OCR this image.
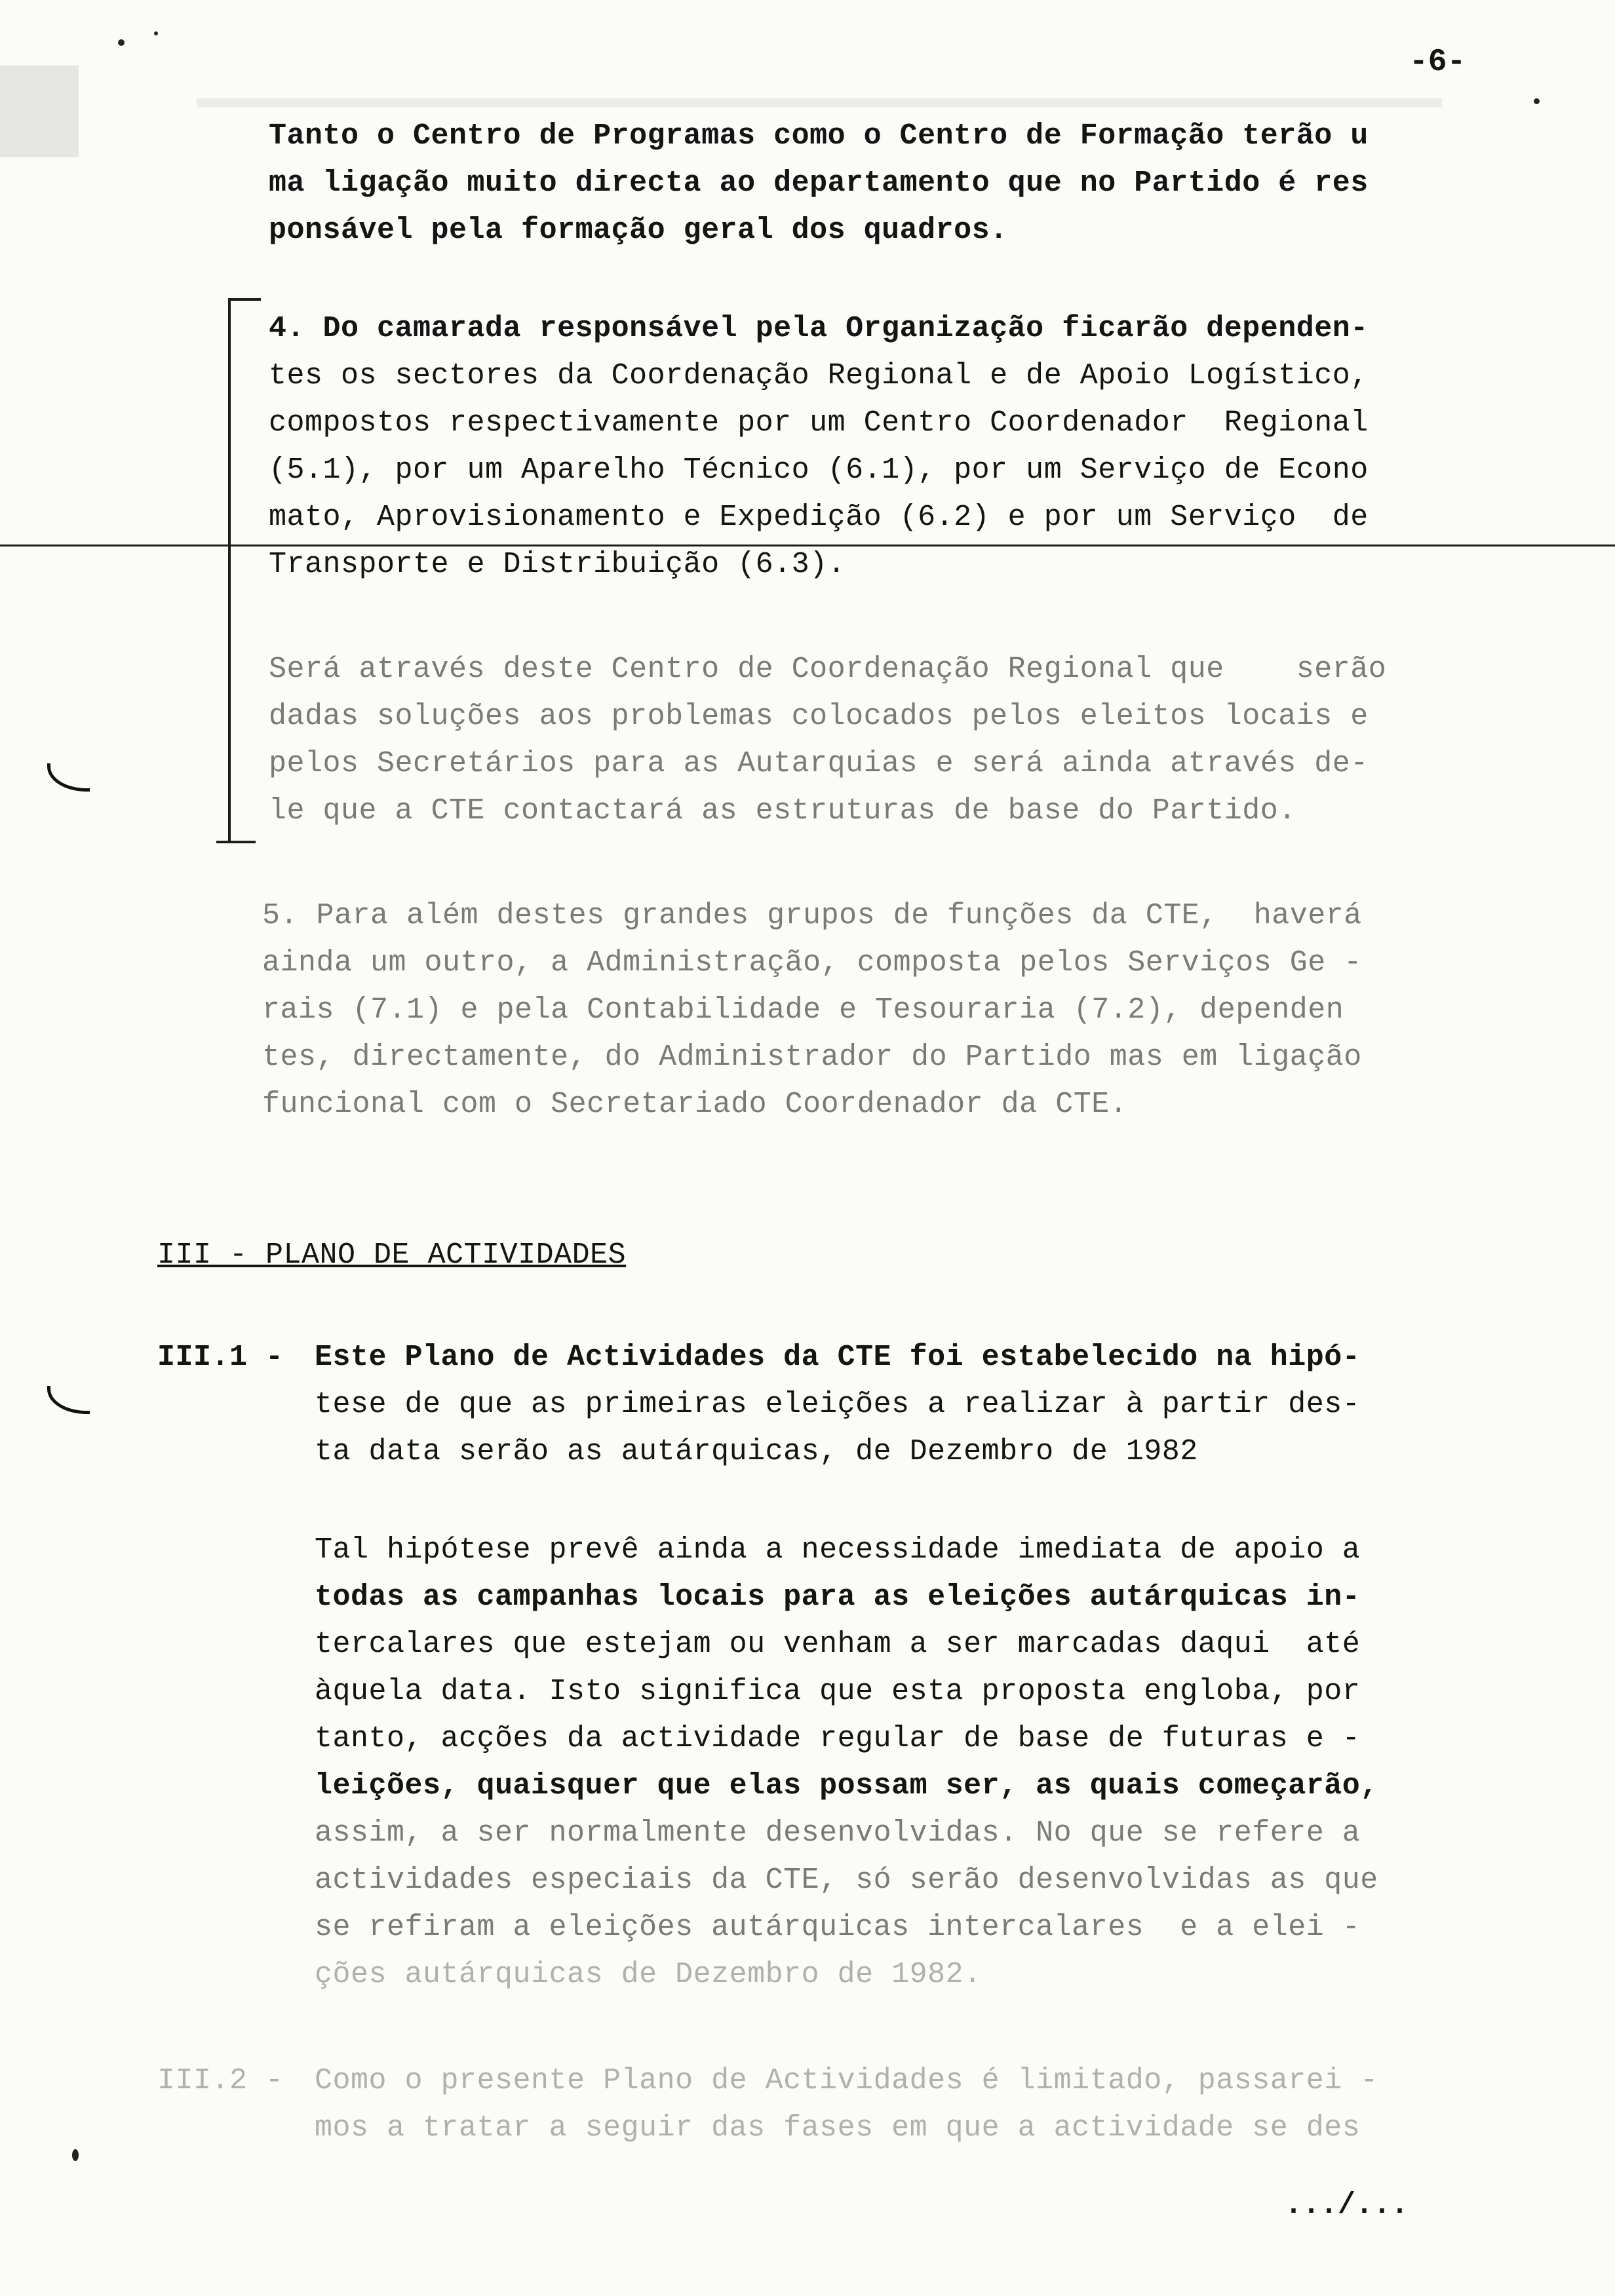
-6-
Tanto o Centro de Programas como o Centro de Formação terão u
ma ligação muito directa ao departamento que no Partido é res
ponsável pela formação geral dos quadros.
4. Do camarada responsável pela Organização ficarão dependen-
tes os sectores da Coordenação Regional e de Apoio Logístico,
compostos respectivamente por um Centro Coordenador  Regional
(5.1), por um Aparelho Técnico (6.1), por um Serviço de Econo
mato, Aprovisionamento e Expedição (6.2) e por um Serviço  de
Transporte e Distribuição (6.3).
Será através deste Centro de Coordenação Regional que    serão
dadas soluções aos problemas colocados pelos eleitos locais e
pelos Secretários para as Autarquias e será ainda através de-
le que a CTE contactará as estruturas de base do Partido.
5. Para além destes grandes grupos de funções da CTE,  haverá
ainda um outro, a Administração, composta pelos Serviços Ge -
rais (7.1) e pela Contabilidade e Tesouraria (7.2), dependen
tes, directamente, do Administrador do Partido mas em ligação
funcional com o Secretariado Coordenador da CTE.
III - PLANO DE ACTIVIDADES
III.1 - Este Plano de Actividades da CTE foi estabelecido na hipó-
tese de que as primeiras eleições a realizar à partir des-
ta data serão as autárquicas, de Dezembro de 1982
Tal hipótese prevê ainda a necessidade imediata de apoio a
todas as campanhas locais para as eleições autárquicas in-
tercalares que estejam ou venham a ser marcadas daqui  até
àquela data. Isto significa que esta proposta engloba, por
tanto, acções da actividade regular de base de futuras e -
leições, quaisquer que elas possam ser, as quais começarão,
assim, a ser normalmente desenvolvidas. No que se refere a
actividades especiais da CTE, só serão desenvolvidas as que
se refiram a eleições autárquicas intercalares  e a elei -
ções autárquicas de Dezembro de 1982.
III.2 - Como o presente Plano de Actividades é limitado, passarei -
mos a tratar a seguir das fases em que a actividade se des
.../...
